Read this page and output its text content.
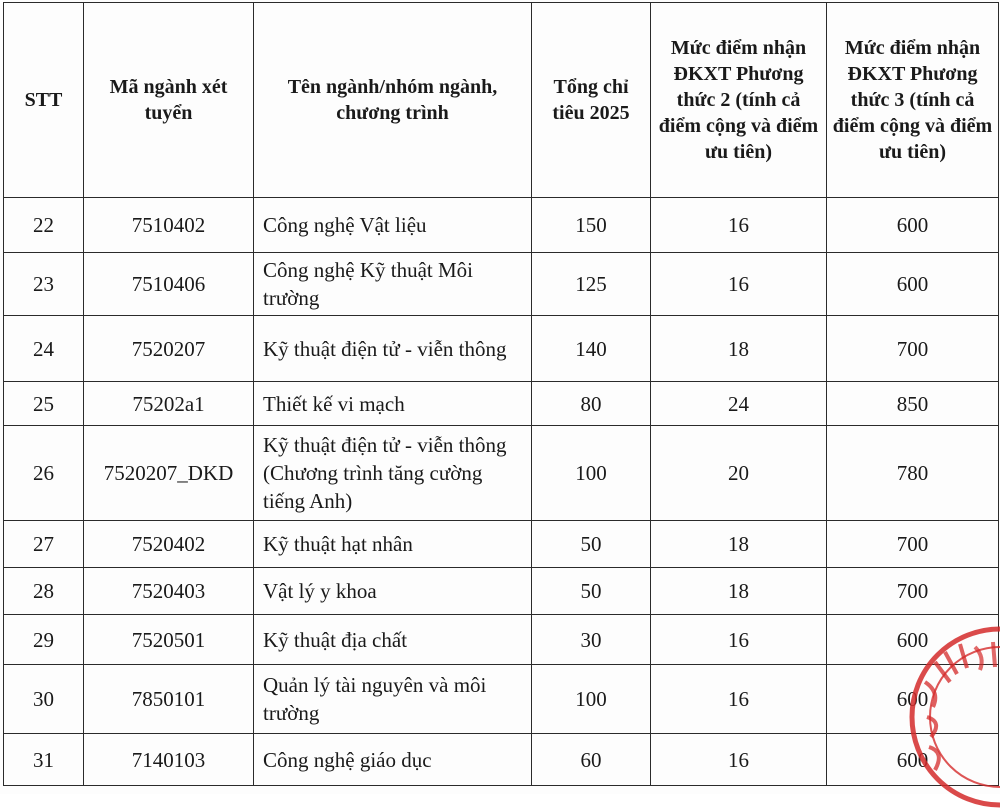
STT	Mã ngành xét tuyển	Tên ngành/nhóm ngành, chương trình	Tổng chỉ tiêu 2025	Mức điểm nhận ĐKXT Phương thức 2 (tính cả điểm cộng và điểm ưu tiên)	Mức điểm nhận ĐKXT Phương thức 3 (tính cả điểm cộng và điểm ưu tiên)
22	7510402	Công nghệ Vật liệu	150	16	600
23	7510406	Công nghệ Kỹ thuật Môi trường	125	16	600
24	7520207	Kỹ thuật điện tử - viễn thông	140	18	700
25	75202a1	Thiết kế vi mạch	80	24	850
26	7520207_DKD	Kỹ thuật điện tử - viễn thông (Chương trình tăng cường tiếng Anh)	100	20	780
27	7520402	Kỹ thuật hạt nhân	50	18	700
28	7520403	Vật lý y khoa	50	18	700
29	7520501	Kỹ thuật địa chất	30	16	600
30	7850101	Quản lý tài nguyên và môi trường	100	16	600
31	7140103	Công nghệ giáo dục	60	16	600
